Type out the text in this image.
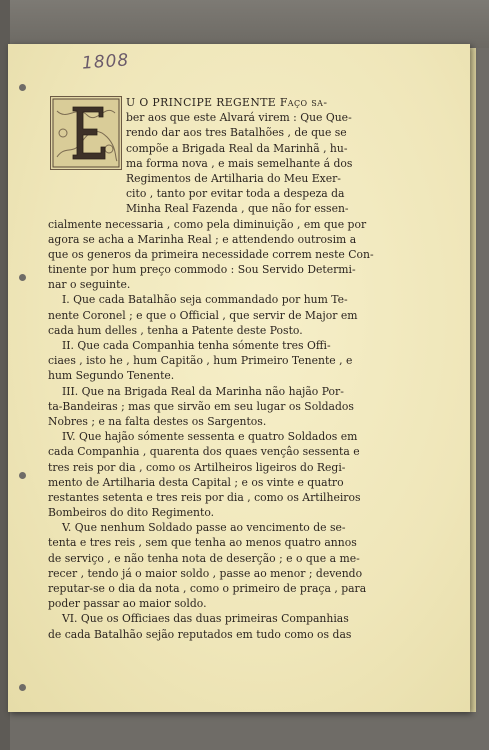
1808
U O PRINCIPE REGENTE Faço sa-
ber aos que este Alvará virem : Que Que-
rendo dar aos tres Batalhões , de que se
compõe a Brigada Real da Marinhã , hu-
ma forma nova , e mais semelhante á dos
Regimentos de Artilharia do Meu Exer-
cito , tanto por evitar toda a despeza da
Minha Real Fazenda , que não for essen-
cialmente necessaria , como pela diminuição , em que por
agora se acha a Marinha Real ; e attendendo outrosim a
que os generos da primeira necessidade correm neste Con-
tinente por hum preço commodo : Sou Servido Determi-
nar o seguinte.
I. Que cada Batalhão seja commandado por hum Te-
nente Coronel ; e que o Official , que servir de Major em
cada hum delles , tenha a Patente deste Posto.
II. Que cada Companhia tenha sómente tres Offi-
ciaes , isto he , hum Capitão , hum Primeiro Tenente , e
hum Segundo Tenente.
III. Que na Brigada Real da Marinha não hajão Por-
ta-Bandeiras ; mas que sirvão em seu lugar os Soldados
Nobres ; e na falta destes os Sargentos.
IV. Que hajão sómente sessenta e quatro Soldados em
cada Companhia , quarenta dos quaes vençâo sessenta e
tres reis por dia , como os Artilheiros ligeiros do Regi-
mento de Artilharia desta Capital ; e os vinte e quatro
restantes setenta e tres reis por dia , como os Artilheiros
Bombeiros do dito Regimento.
V. Que nenhum Soldado passe ao vencimento de se-
tenta e tres reis , sem que tenha ao menos quatro annos
de serviço , e não tenha nota de deserção ; e o que a me-
recer , tendo já o maior soldo , passe ao menor ; devendo
reputar-se o dia da nota , como o primeiro de praça , para
poder passar ao maior soldo.
VI. Que os Officiaes das duas primeiras Companhias
de cada Batalhão sejão reputados em tudo como os das
